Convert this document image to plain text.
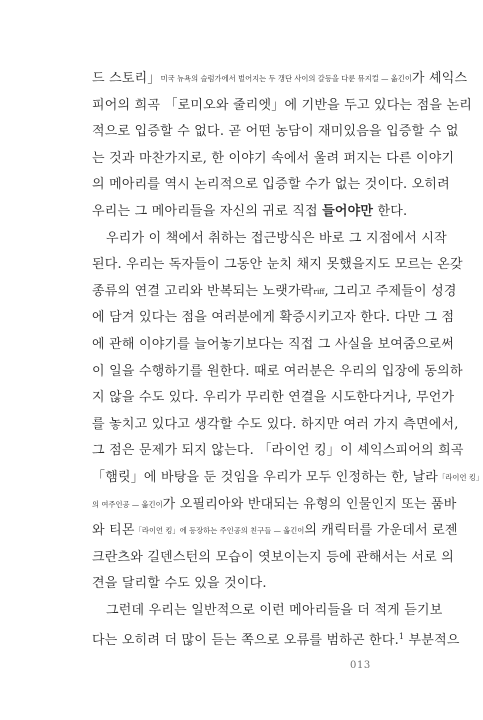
드 스토리」미국 뉴욕의 슬럼가에서 벌어지는 두 갱단 사이의 갈등을 다룬 뮤지컬 — 옮긴이가 셰익스
피어의 희곡 「로미오와 줄리엣」에 기반을 두고 있다는 점을 논리
적으로 입증할 수 없다. 곧 어떤 농담이 재미있음을 입증할 수 없
는 것과 마찬가지로, 한 이야기 속에서 울려 퍼지는 다른 이야기
의 메아리를 역시 논리적으로 입증할 수가 없는 것이다. 오히려
우리는 그 메아리들을 자신의 귀로 직접 들어야만 한다.
우리가 이 책에서 취하는 접근방식은 바로 그 지점에서 시작
된다. 우리는 독자들이 그동안 눈치 채지 못했을지도 모르는 온갖
종류의 연결 고리와 반복되는 노랫가락riff, 그리고 주제들이 성경
에 담겨 있다는 점을 여러분에게 확증시키고자 한다. 다만 그 점
에 관해 이야기를 늘어놓기보다는 직접 그 사실을 보여줌으로써
이 일을 수행하기를 원한다. 때로 여러분은 우리의 입장에 동의하
지 않을 수도 있다. 우리가 무리한 연결을 시도한다거나, 무언가
를 놓치고 있다고 생각할 수도 있다. 하지만 여러 가지 측면에서,
그 점은 문제가 되지 않는다. 「라이언 킹」이 셰익스피어의 희곡
「햄릿」에 바탕을 둔 것임을 우리가 모두 인정하는 한, 날라「라이언 킹」
의 여주인공 — 옮긴이가 오필리아와 반대되는 유형의 인물인지 또는 품바
와 티몬「라이언 킹」에 등장하는 주인공의 친구들 — 옮긴이의 캐릭터를 가운데서 로젠
크란츠와 길덴스턴의 모습이 엿보이는지 등에 관해서는 서로 의
견을 달리할 수도 있을 것이다.
그런데 우리는 일반적으로 이런 메아리들을 더 적게 듣기보
다는 오히려 더 많이 듣는 쪽으로 오류를 범하곤 한다.$^1$ 부분적으
013
